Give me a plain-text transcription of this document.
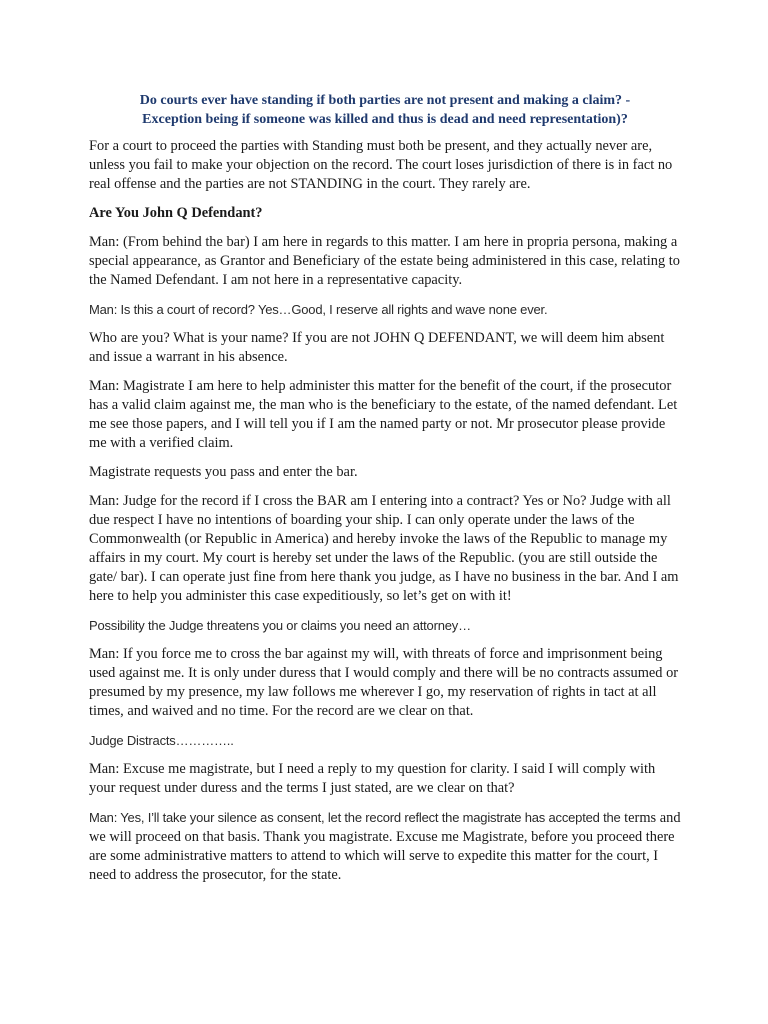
Do courts ever have standing if both parties are not present and making a claim? -
Exception being if someone was killed and thus is dead and need representation)?

For a court to proceed the parties with Standing must both be present, and they actually never are, unless you fail to make your objection on the record. The court loses jurisdiction of there is in fact no real offense and the parties are not STANDING in the court. They rarely are.

Are You John Q Defendant?

Man: (From behind the bar) I am here in regards to this matter. I am here in propria persona, making a special appearance, as Grantor and Beneficiary of the estate being administered in this case, relating to the Named Defendant. I am not here in a representative capacity.

Man: Is this a court of record? Yes…Good, I reserve all rights and wave none ever.

Who are you? What is your name? If you are not JOHN Q DEFENDANT, we will deem him absent and issue a warrant in his absence.

Man: Magistrate I am here to help administer this matter for the benefit of the court, if the prosecutor has a valid claim against me, the man who is the beneficiary to the estate, of the named defendant. Let me see those papers, and I will tell you if I am the named party or not. Mr prosecutor please provide me with a verified claim.

Magistrate requests you pass and enter the bar.

Man: Judge for the record if I cross the BAR am I entering into a contract? Yes or No? Judge with all due respect I have no intentions of boarding your ship. I can only operate under the laws of the Commonwealth (or Republic in America) and hereby invoke the laws of the Republic to manage my affairs in my court. My court is hereby set under the laws of the Republic. (you are still outside the gate/ bar). I can operate just fine from here thank you judge, as I have no business in the bar. And I am here to help you administer this case expeditiously, so let’s get on with it!

Possibility the Judge threatens you or claims you need an attorney…

Man: If you force me to cross the bar against my will, with threats of force and imprisonment being used against me. It is only under duress that I would comply and there will be no contracts assumed or presumed by my presence, my law follows me wherever I go, my reservation of rights in tact at all times, and waived and no time. For the record are we clear on that.

Judge Distracts…………..

Man: Excuse me magistrate, but I need a reply to my question for clarity. I said I will comply with your request under duress and the terms I just stated, are we clear on that?

Man: Yes, I’ll take your silence as consent, let the record reflect the magistrate has accepted the terms and we will proceed on that basis. Thank you magistrate. Excuse me Magistrate, before you proceed there are some administrative matters to attend to which will serve to expedite this matter for the court, I need to address the prosecutor, for the state.
